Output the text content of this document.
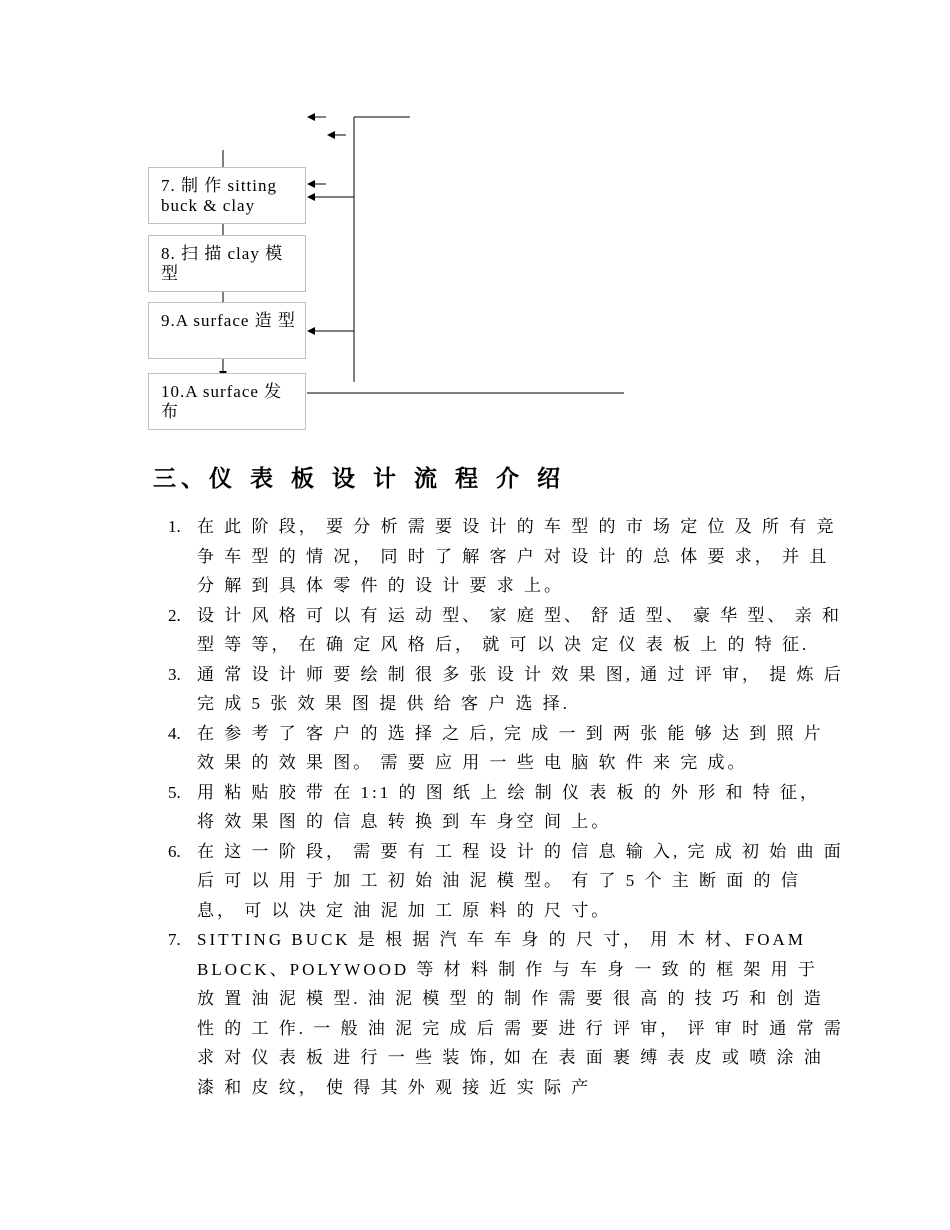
7. 制 作 sitting buck & clay
8. 扫 描 clay 模 型
9.A surface 造 型
10.A surface 发 布
三、仪 表 板 设 计 流 程 介 绍
1. 在 此 阶 段， 要 分 析 需 要 设 计 的 车 型 的 市 场 定 位 及 所 有 竞 争 车 型 的 情 况， 同 时 了 解 客 户 对 设 计 的 总 体 要 求， 并 且 分 解 到 具 体 零 件 的 设 计 要 求 上。
2. 设 计 风 格 可 以 有 运 动 型、 家 庭 型、 舒 适 型、 豪 华 型、 亲 和 型 等 等， 在 确 定 风 格 后， 就 可 以 决 定 仪 表 板 上 的 特 征.
3. 通 常 设 计 师 要 绘 制 很 多 张 设 计 效 果 图, 通 过 评 审， 提 炼 后 完 成 5 张 效 果 图 提 供 给 客 户 选 择.
4. 在 参 考 了 客 户 的 选 择 之 后, 完 成 一 到 两 张 能 够 达 到 照 片 效 果 的 效 果 图。 需 要 应 用 一 些 电 脑 软 件 来 完 成。
5. 用 粘 贴 胶 带 在 1:1 的 图 纸 上 绘 制 仪 表 板 的 外 形 和 特 征， 将 效 果 图 的 信 息 转 换 到 车 身空 间 上。
6. 在 这 一 阶 段， 需 要 有 工 程 设 计 的 信 息 输 入, 完 成 初 始 曲 面 后 可 以 用 于 加 工 初 始 油 泥 模 型。 有 了 5 个 主 断 面 的 信 息， 可 以 决 定 油 泥 加 工 原 料 的 尺 寸。
7. SITTING BUCK 是 根 据 汽 车 车 身 的 尺 寸， 用 木 材、FOAM BLOCK、POLYWOOD 等 材 料 制 作 与 车 身 一 致 的 框 架 用 于 放 置 油 泥 模 型. 油 泥 模 型 的 制 作 需 要 很 高 的 技 巧 和 创 造 性 的 工 作. 一 般 油 泥 完 成 后 需 要 进 行 评 审， 评 审 时 通 常 需 求 对 仪 表 板 进 行 一 些 装 饰, 如 在 表 面 裹 缚 表 皮 或 喷 涂 油 漆 和 皮 纹， 使 得 其 外 观 接 近 实 际 产
